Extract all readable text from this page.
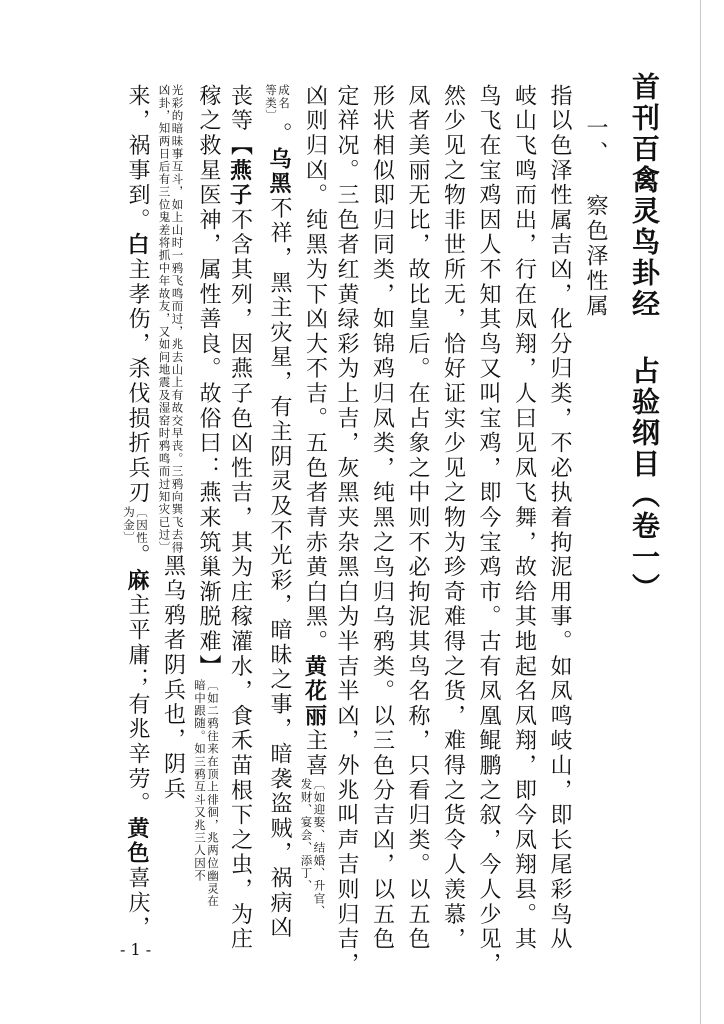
首刊百禽灵鸟卦经 占验纲目（卷一）
一、 察色泽性属
指以色泽性属吉凶，化分归类，不必执着拘泥用事。如凤鸣岐山，即长尾彩鸟从
岐山飞鸣而出，行在凤翔，人曰见凤飞舞，故给其地起名凤翔，即今凤翔县。其
鸟飞在宝鸡因人不知其鸟又叫宝鸡，即今宝鸡市。古有凤凰鲲鹏之叙，今人少见，
然少见之物非世所无，恰好证实少见之物为珍奇难得之货，难得之货令人羡慕，
凤者美丽无比，故比皇后。在占象之中则不必拘泥其鸟名称，只看归类。以五色
形状相似即归同类，如锦鸡归凤类，纯黑之鸟归乌鸦类。以三色分吉凶，以五色
定祥况。三色者红黄绿彩为上吉，灰黑夹杂黑白为半吉半凶，外兆叫声吉则归吉，
凶则归凶。纯黑为下凶大不吉。五色者青赤黄白黑。黄花丽主喜〔如迎娶、结婚、升官、
发财、宴会、添丁、
成名
等类〕。乌黑不祥，黑主灾星，有主阴灵及不光彩，暗昧之事，暗袭盗贼，祸病凶
丧等【燕子不含其列，因燕子色凶性吉，其为庄稼灌水，食禾苗根下之虫，为庄
稼之救星医神，属性善良。故俗曰：燕来筑巢渐脱难】〔如二鸦往来在顶上徘徊，兆两位幽灵在
暗中跟随。如三鸦互斗又兆三人因不
光彩的暗昧事互斗，如上山时一鸦飞鸣而过，兆去山上有故交早丧。三鸦向巽飞去得
凶卦，知两日后有三位鬼差将抓中年故友，又如问地震及湿窑时鸦鸣而过知灾已过〕黑乌鸦者阴兵也，阴兵
来，祸事到。白主孝伤，杀伐损折兵刃〔因性
为金〕。麻主平庸；有兆辛劳。黄色喜庆，
- 1 -
